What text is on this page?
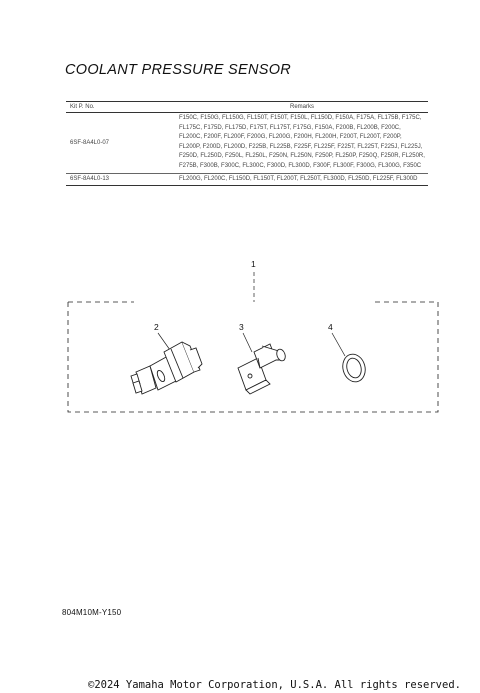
COOLANT PRESSURE SENSOR
Kit P. No.	Remarks
6SF-8A4L0-07	F150C, F150G, FL150G, FL150T, F150T, F150L, FL150D, F150A, F175A, FL175B, F175C, FL175C, F175D, FL175D, F175T, FL175T, F175G, F150A, F200B, FL200B, F200C, FL200C, F200F, FL200F, F200G, FL200G, F200H, FL200H, F200T, FL200T, F200P, FL200P, F200D, FL200D, F225B, FL225B, F225F, FL225F, F225T, FL225T, F225J, FL225J, F250D, FL250D, F250L, FL250L, F250N, FL250N, F250P, FL250P, F250Q, F250R, FL250R, F275B, F300B, F300C, FL300C, F300D, FL300D, F300F, FL300F, F300G, FL300G, F350C
6SF-8A4L0-13	FL200G, FL200C, FL150D, FL150T, FL200T, FL250T, FL300D, FL250D, FL225F, FL300D
1
2	3	4
804M10M-Y150
©2024 Yamaha Motor Corporation, U.S.A. All rights reserved.
